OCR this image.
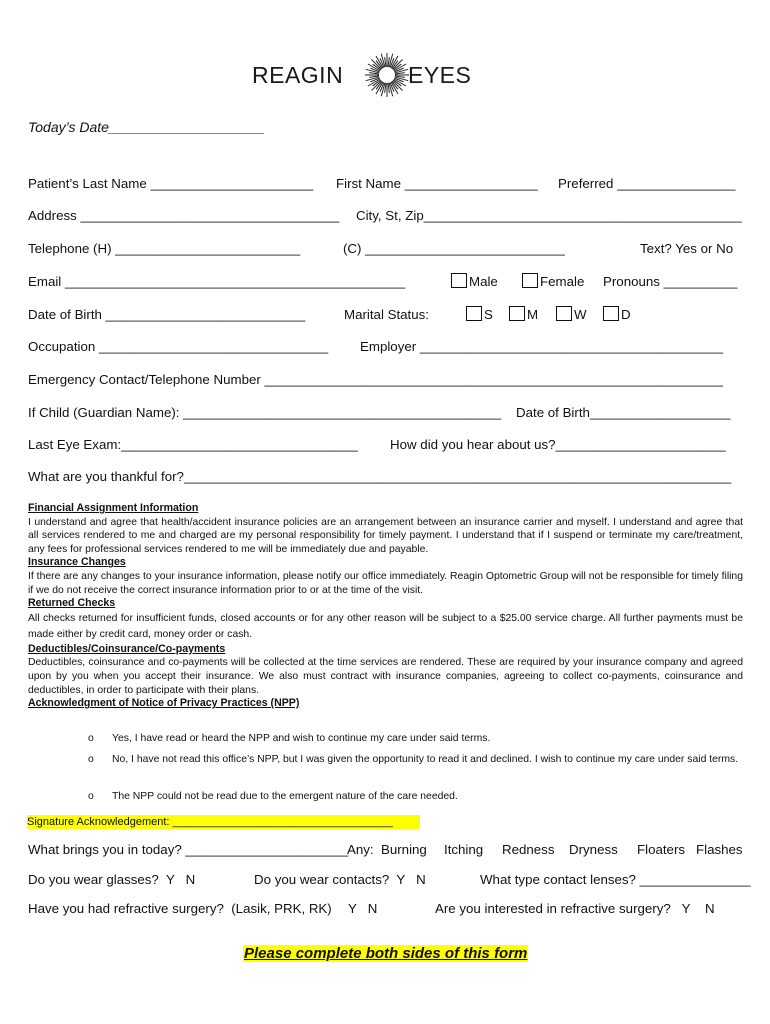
REAGIN	EYES
Today’s Date____________________
Patient’s Last Name ______________________ First Name __________________ Preferred ________________
Address ___________________________________ City, St, Zip___________________________________________
Telephone (H) _________________________	(C) ___________________________	Text? Yes or No
Email ______________________________________________	Male	Female Pronouns __________
Date of Birth ___________________________	Marital Status:	S	M	W	D
Occupation _______________________________ Employer _________________________________________
Emergency Contact/Telephone Number ______________________________________________________________
If Child (Guardian Name): ___________________________________________ Date of Birth___________________
Last Eye Exam:________________________________ How did you hear about us?_______________________
What are you thankful for?__________________________________________________________________________
Financial Assignment Information
I understand and agree that health/accident insurance policies are an arrangement between an insurance carrier and myself. I understand and agree that all services rendered to me and charged are my personal responsibility for timely payment. I understand that if I suspend or terminate my care/treatment, any fees for professional services rendered to me will be immediately due and payable.
Insurance Changes
If there are any changes to your insurance information, please notify our office immediately. Reagin Optometric Group will not be responsible for timely filing if we do not receive the correct insurance information prior to or at the time of the visit.
Returned Checks
All checks returned for insufficient funds, closed accounts or for any other reason will be subject to a $25.00 service charge. All further payments must be made either by credit card, money order or cash.
Deductibles/Coinsurance/Co-payments
Deductibles, coinsurance and co-payments will be collected at the time services are rendered. These are required by your insurance company and agreed upon by you when you accept their insurance. We also must contract with insurance companies, agreeing to collect co-payments, coinsurance and deductibles, in order to participate with their plans.
Acknowledgment of Notice of Privacy Practices (NPP)
o Yes, I have read or heard the NPP and wish to continue my care under said terms.
o No, I have not read this office’s NPP, but I was given the opportunity to read it and declined. I wish to continue my care under said terms.
o The NPP could not be read due to the emergent nature of the care needed.
Signature Acknowledgement: ____________________________________
What brings you in today? ______________________
Any:  Burning Itching Redness Dryness Floaters Flashes
Do you wear glasses?  Y   N	Do you wear contacts?  Y   N	What type contact lenses? _______________
Have you had refractive surgery?  (Lasik, PRK, RK) Y   N	Are you interested in refractive surgery?   Y    N
Please complete both sides of this form
